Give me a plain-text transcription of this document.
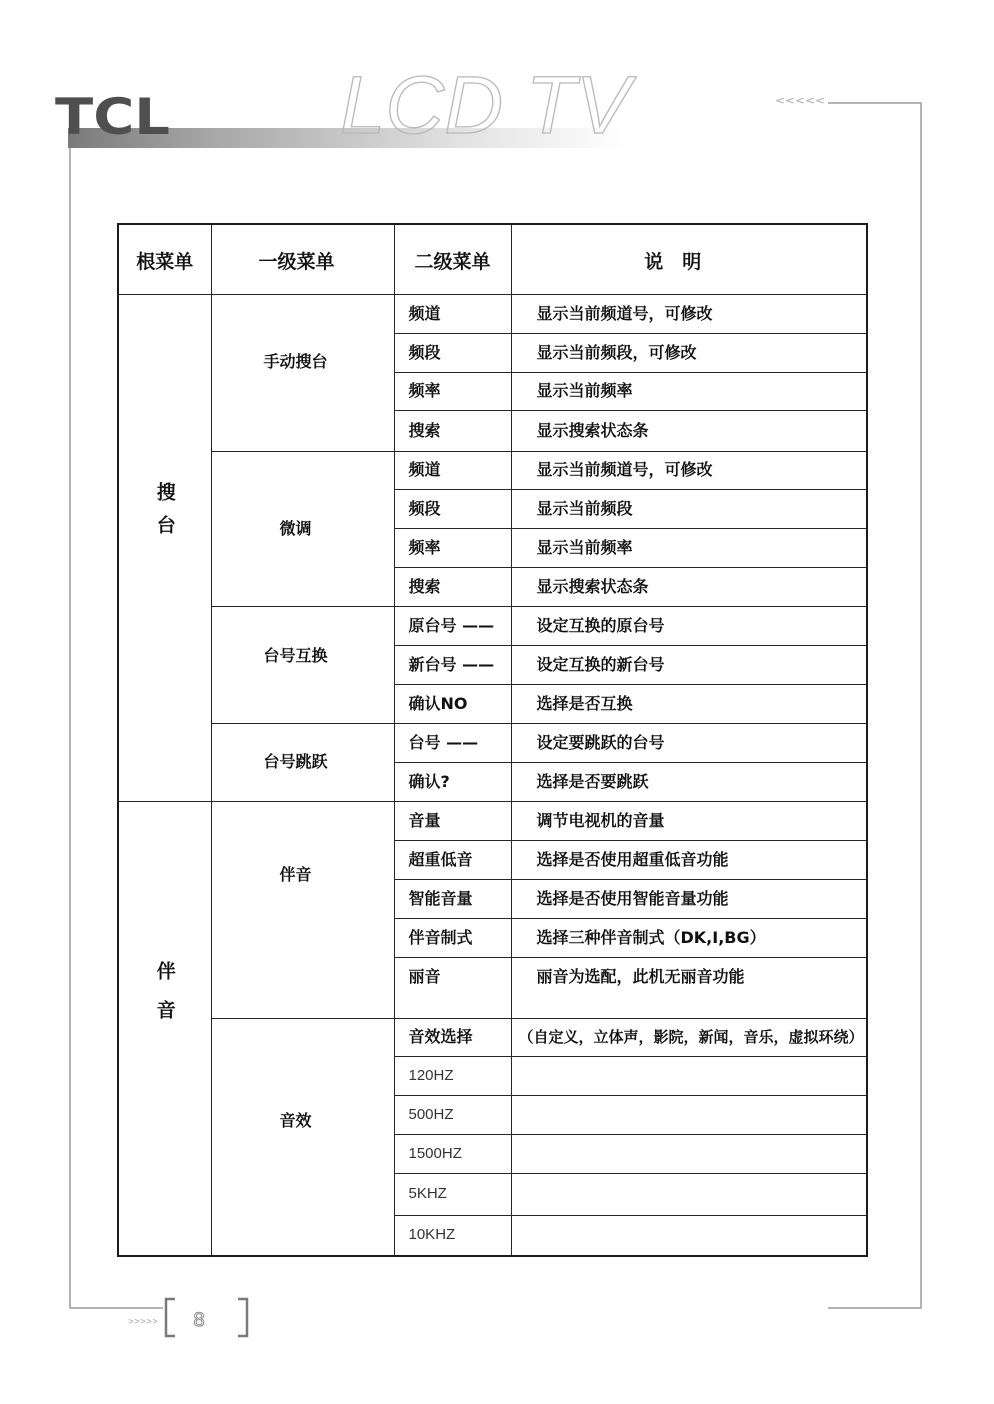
TCL LCD TV	<<<<<
>>>>> 8
根菜单	一级菜单	二级菜单	说　明
搜台	手动搜台	频道	显示当前频道号，可修改
		频段	显示当前频段，可修改
		频率	显示当前频率
		搜索	显示搜索状态条
	微调	频道	显示当前频道号，可修改
		频段	显示当前频段
		频率	显示当前频率
		搜索	显示搜索状态条
	台号互换	原台号 ——	设定互换的原台号
		新台号 ——	设定互换的新台号
		确认NO	选择是否互换
	台号跳跃	台号 ——	设定要跳跃的台号
		确认?	选择是否要跳跃
伴音	伴音	音量	调节电视机的音量
		超重低音	选择是否使用超重低音功能
		智能音量	选择是否使用智能音量功能
		伴音制式	选择三种伴音制式（DK,I,BG）
		丽音	丽音为选配，此机无丽音功能
	音效	音效选择	（自定义，立体声，影院，新闻，音乐，虚拟环绕）
		120HZ	
		500HZ	
		1500HZ	
		5KHZ	
		10KHZ	
